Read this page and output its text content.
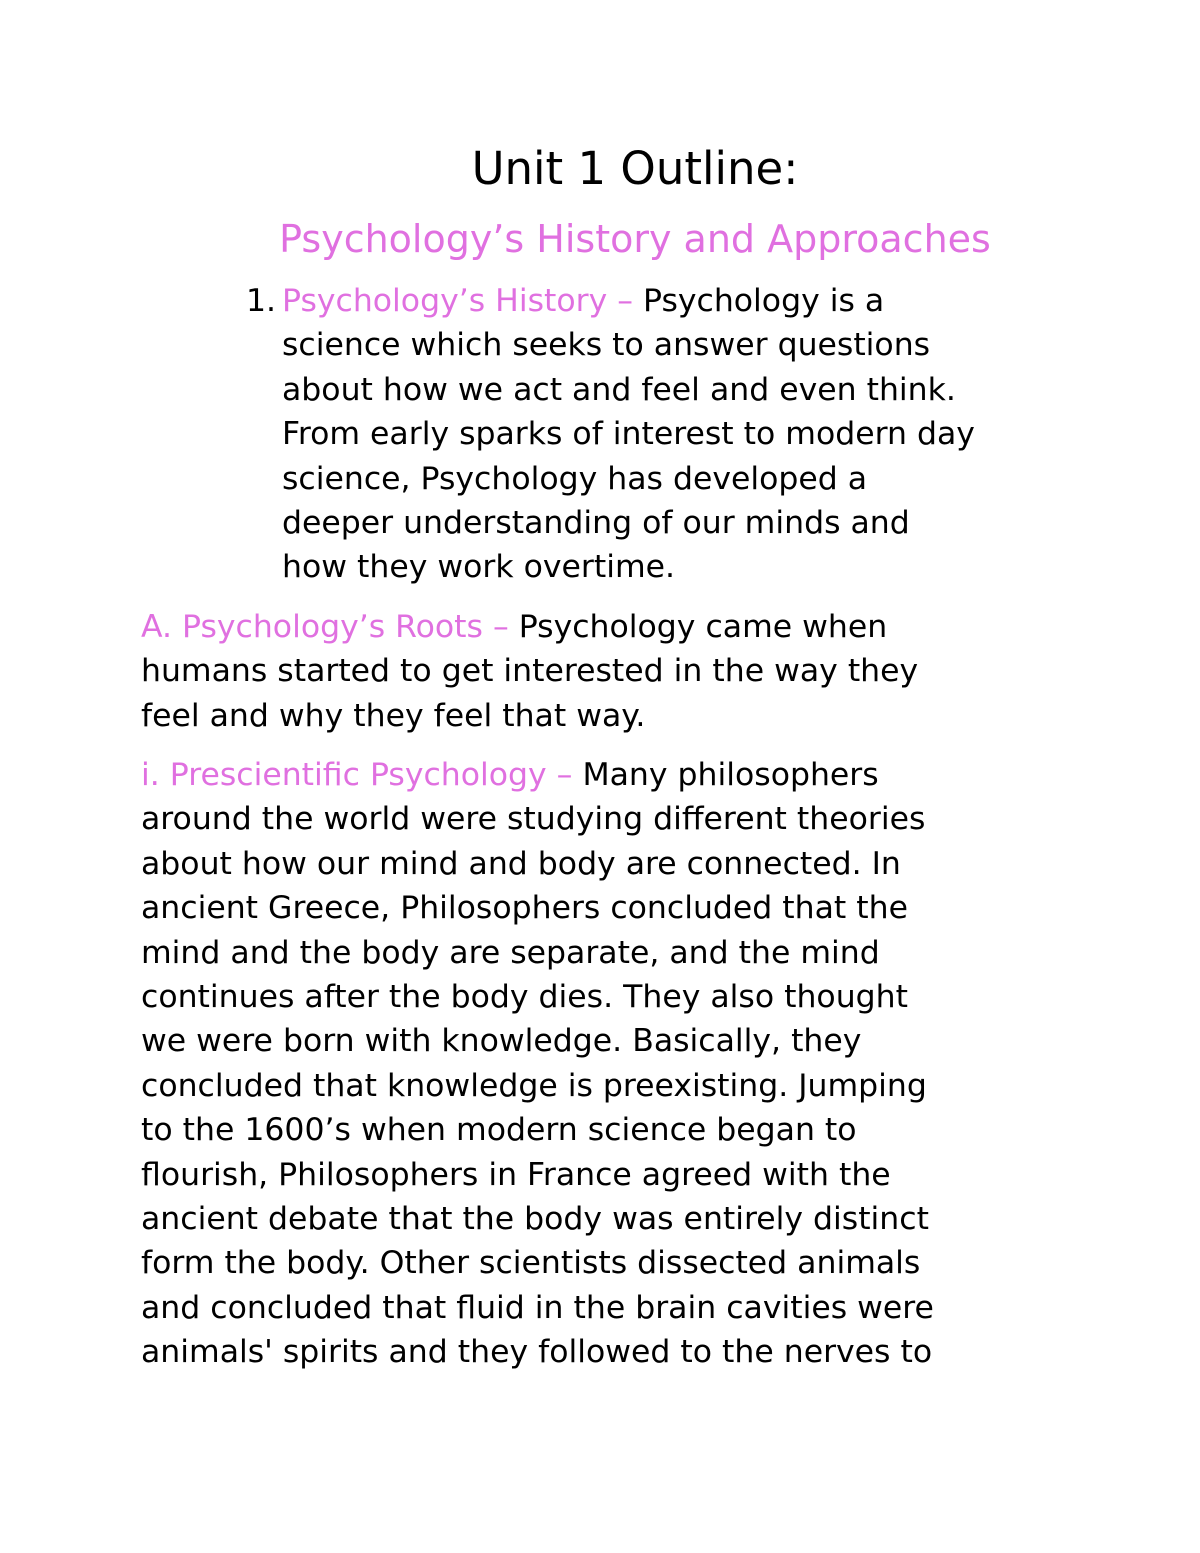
Unit 1 Outline:
Psychology’s History and Approaches
1. Psychology’s History – Psychology is a
science which seeks to answer questions
about how we act and feel and even think.
From early sparks of interest to modern day
science, Psychology has developed a
deeper understanding of our minds and
how they work overtime.
A. Psychology’s Roots – Psychology came when
humans started to get interested in the way they
feel and why they feel that way.
i. Prescientific Psychology – Many philosophers
around the world were studying different theories
about how our mind and body are connected. In
ancient Greece, Philosophers concluded that the
mind and the body are separate, and the mind
continues after the body dies. They also thought
we were born with knowledge. Basically, they
concluded that knowledge is preexisting. Jumping
to the 1600’s when modern science began to
flourish, Philosophers in France agreed with the
ancient debate that the body was entirely distinct
form the body. Other scientists dissected animals
and concluded that fluid in the brain cavities were
animals' spirits and they followed to the nerves to
